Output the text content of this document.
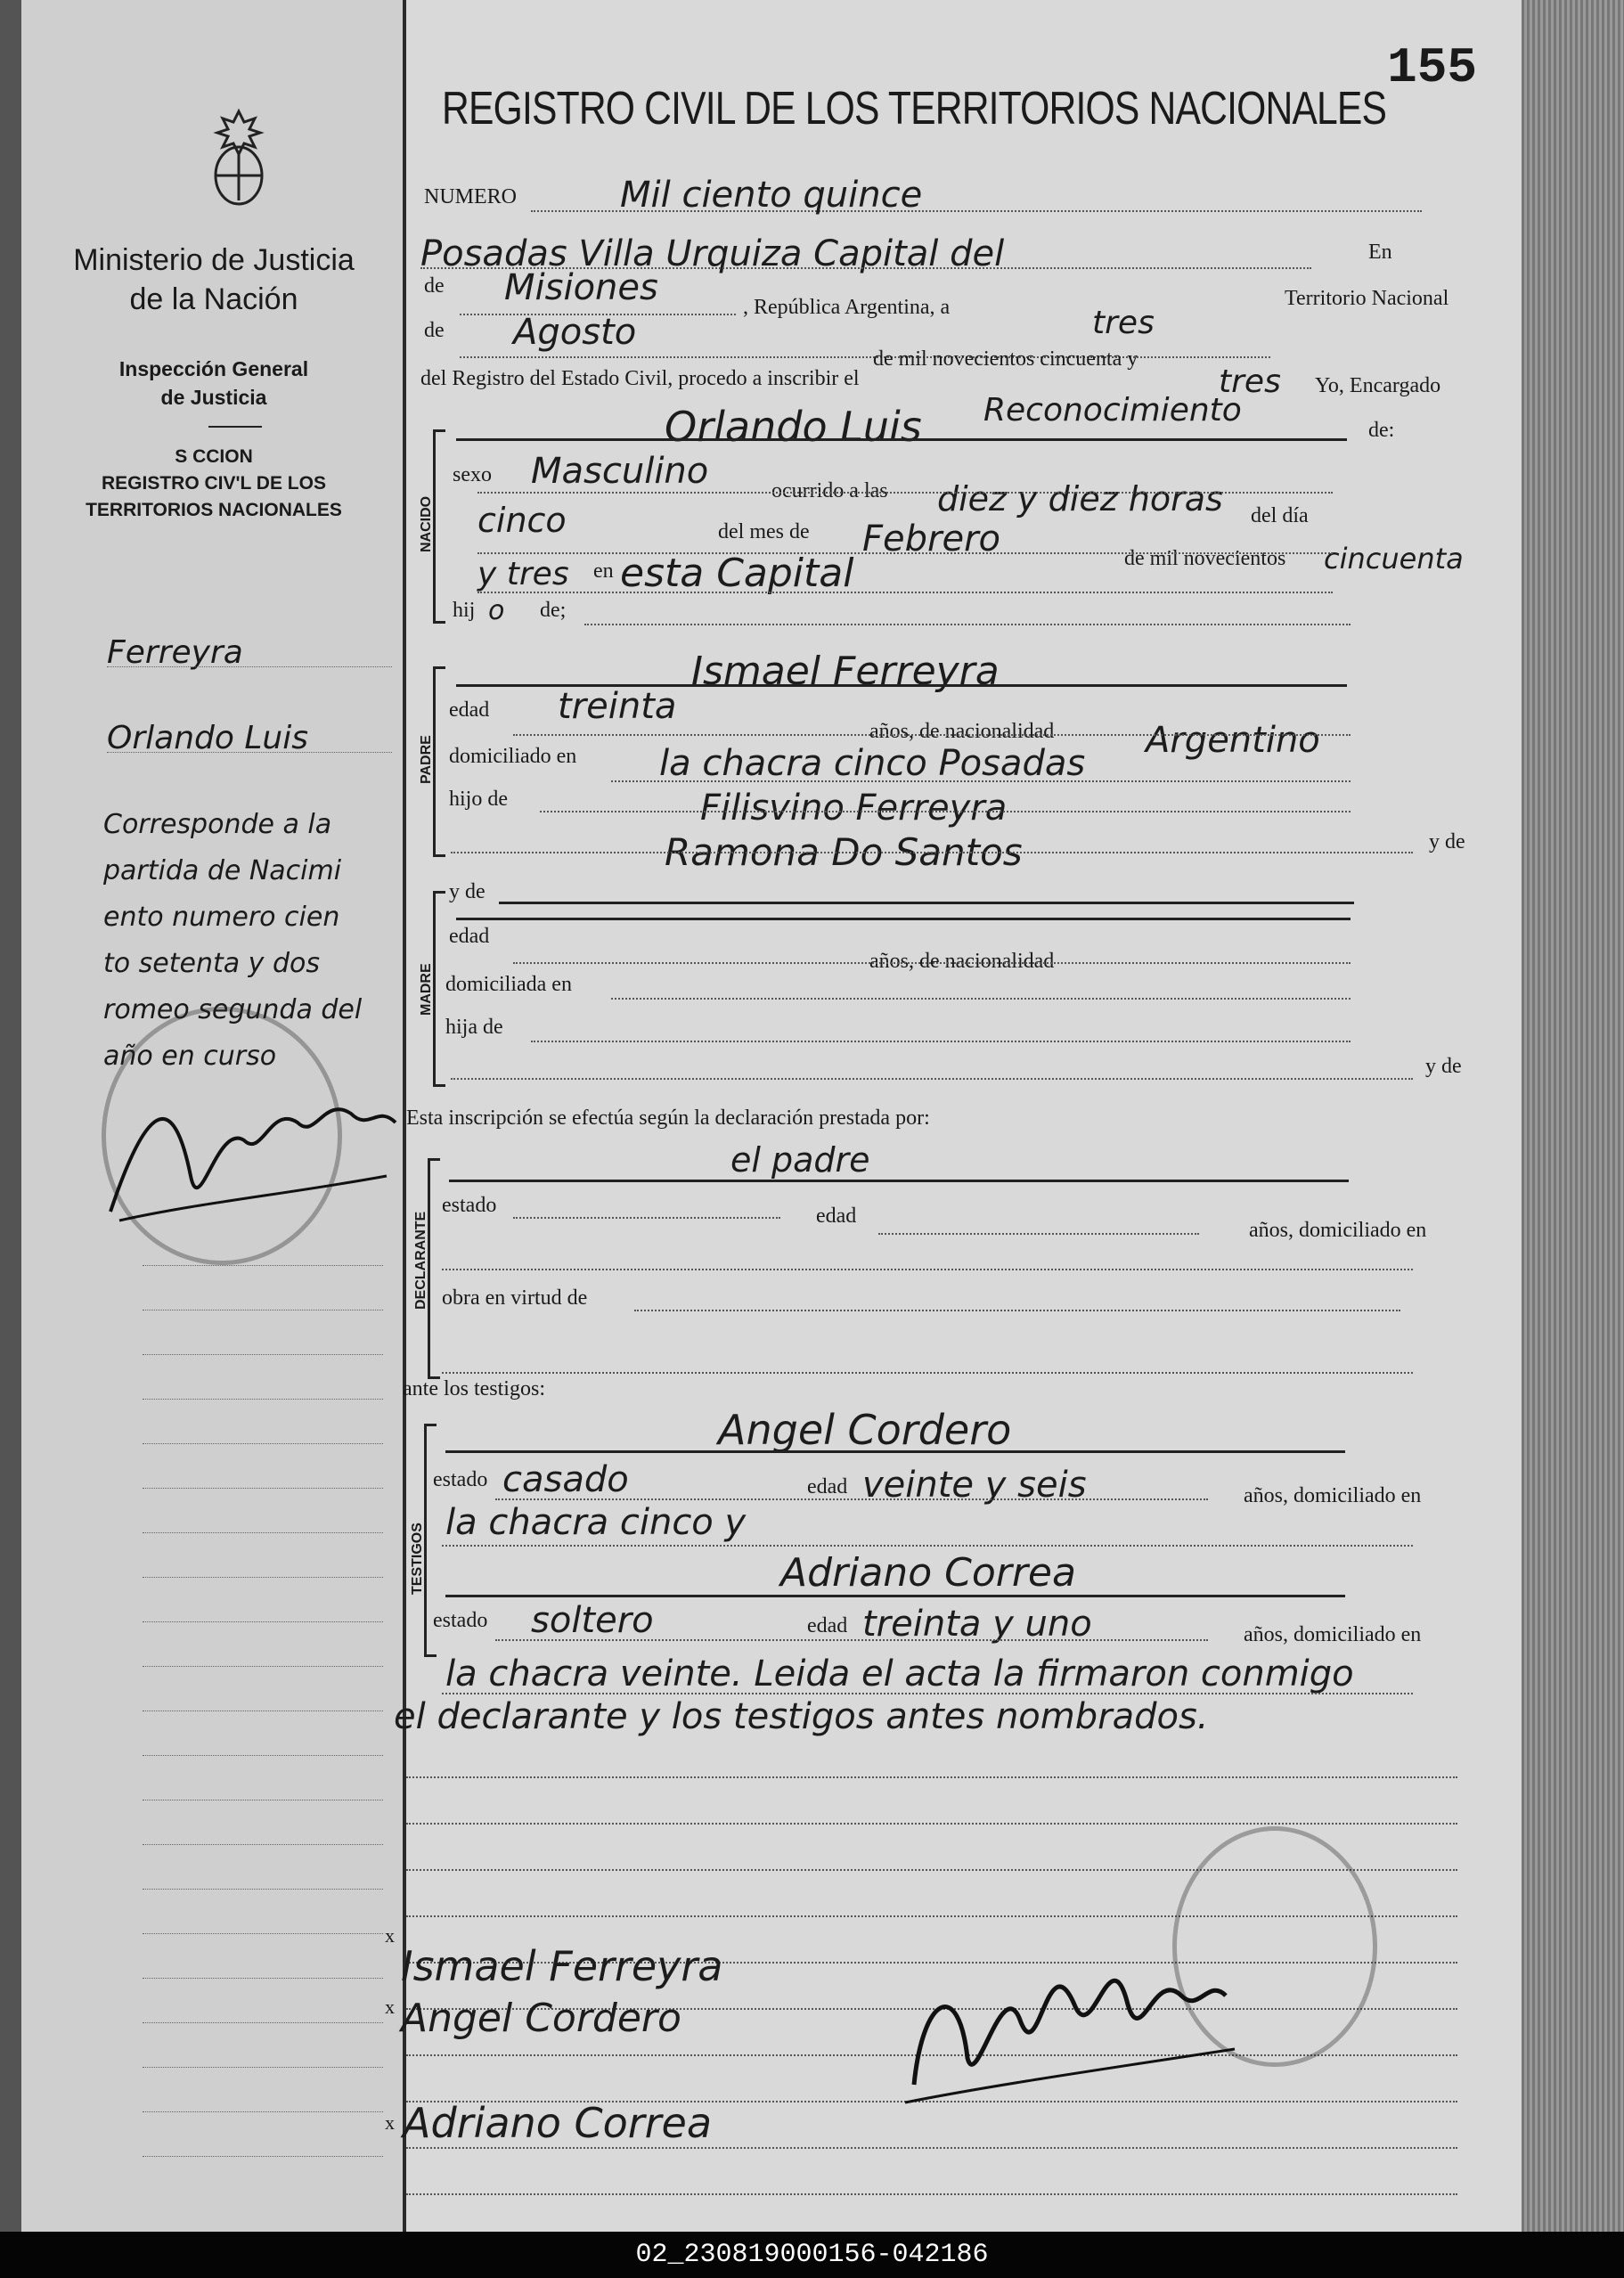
Ministerio de Justicia
de la Nación
Inspección General
de Justicia
S CCION
REGISTRO CIV'L DE LOS
TERRITORIOS NACIONALES
Ferreyra
Orlando Luis
Corresponde a la
partida de Nacimi
ento numero cien
to setenta y dos
romeo segunda del
año en curso
155
REGISTRO CIVIL DE LOS TERRITORIOS NACIONALES
NUMERO	Mil ciento quince
Posadas Villa Urquiza Capital del	En
de Misiones	, República Argentina, a	tres
Territorio Nacional
de Agosto
de mil novecientos cincuenta y
tres Yo, Encargado
del Registro del Estado Civil, procedo a inscribir el
Reconocimiento
de:
NACIDO
Orlando Luis
sexo Masculino	ocurrido a las diez y diez horas del día
cinco	del mes de Febrero	de mil novecientos cincuenta
y tres en esta Capital
hij o de;
PADRE
Ismael Ferreyra
edad treinta
años, de nacionalidad	Argentino
domiciliado en la chacra cinco Posadas
hijo de	Filisvino Ferreyra
Ramona Do Santos	y de
MADRE
y de
edad
años, de nacionalidad
domiciliada en
hija de
y de
Esta inscripción se efectúa según la declaración prestada por:
DECLARANTE
el padre
estado	edad
años, domiciliado en
obra en virtud de
ante los testigos:
TESTIGOS
Angel Cordero
estado casado	edad veinte y seis	años, domiciliado en
la chacra cinco y
Adriano Correa
estado soltero	edad treinta y uno	años, domiciliado en
la chacra veinte. Leida el acta la firmaron conmigo
el declarante y los testigos antes nombrados.
x
Ismael Ferreyra
x Angel Cordero
x Adriano Correa
02_230819000156-042186
